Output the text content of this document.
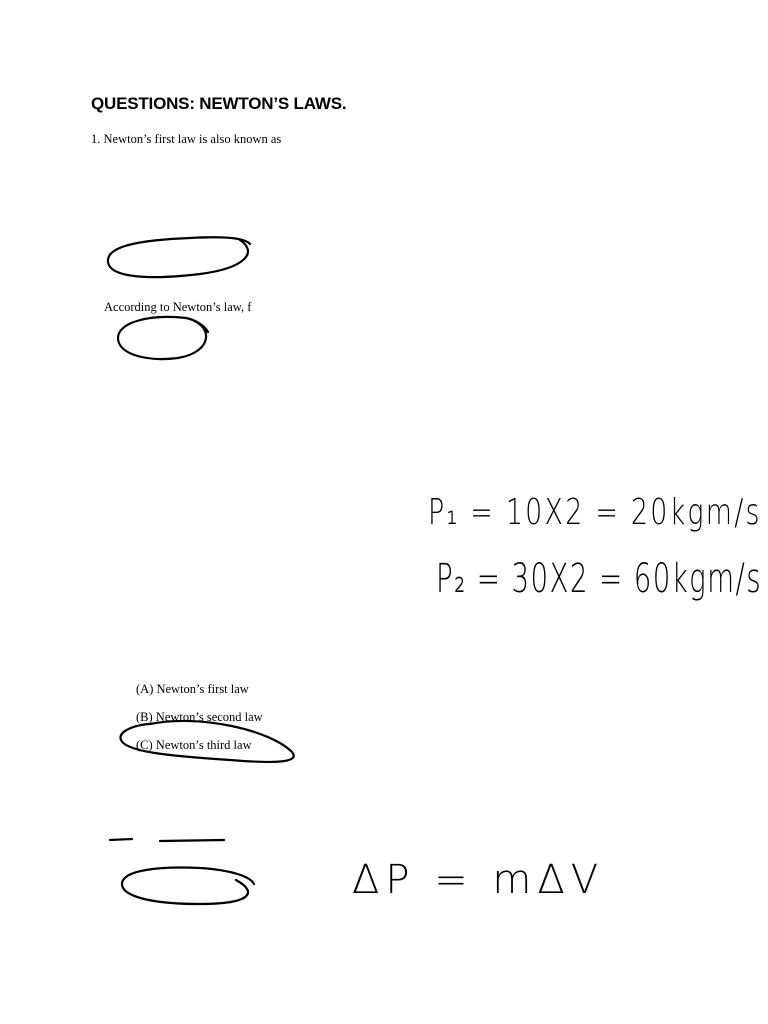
QUESTIONS: NEWTON’S LAWS.
1. Newton’s first law is also known as
According to Newton’s law, f
(A) Newton’s first law
(B) Newton’s second law
(C) Newton’s third law
P₁ = 10X2 = 20kgm/s
P₂ = 30X2 = 60kgm/s
ΔP = mΔV
